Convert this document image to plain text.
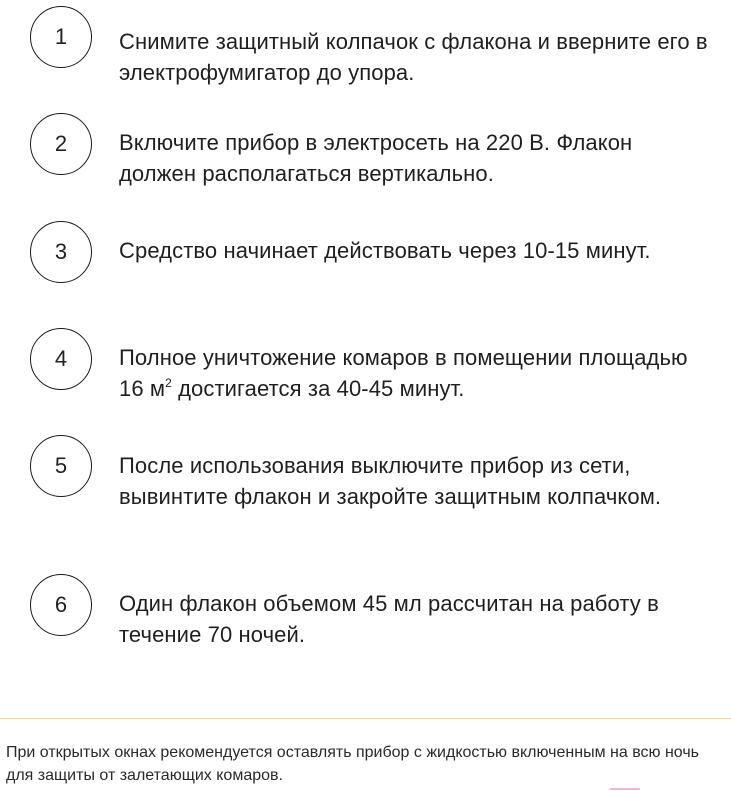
1	Снимите защитный колпачок с флакона и вверните его в электрофумигатор до упора.
2	Включите прибор в электросеть на 220 В. Флакон должен располагаться вертикально.
3	Средство начинает действовать через 10-15 минут.
4	Полное уничтожение комаров в помещении площадью 16 $м^2$ достигается за 40-45 минут.
5	После использования выключите прибор из сети, вывинтите флакон и закройте защитным колпачком.
6	Один флакон объемом 45 мл рассчитан на работу в течение 70 ночей.
При открытых окнах рекомендуется оставлять прибор с жидкостью включенным на всю ночь для защиты от залетающих комаров.
